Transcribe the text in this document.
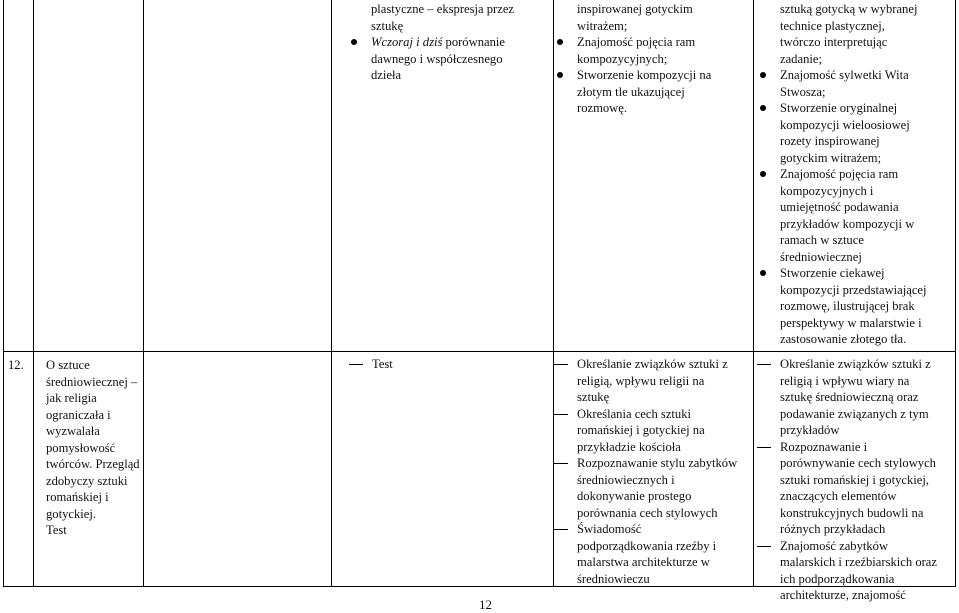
plastyczne – ekspresja przez
sztukę
Wczoraj i dziś porównanie
dawnego i współczesnego
dzieła
inspirowanej gotyckim
witrażem;
Znajomość pojęcia ram
kompozycyjnych;
Stworzenie kompozycji na
złotym tle ukazującej
rozmowę.
sztuką gotycką w wybranej
technice plastycznej,
twórczo interpretując
zadanie;
Znajomość sylwetki Wita
Stwosza;
Stworzenie oryginalnej
kompozycji wieloosiowej
rozety inspirowanej
gotyckim witrażem;
Znajomość pojęcia ram
kompozycyjnych i
umiejętność podawania
przykładów kompozycji w
ramach w sztuce
średniowiecznej
Stworzenie ciekawej
kompozycji przedstawiającej
rozmowę, ilustrującej brak
perspektywy w malarstwie i
zastosowanie złotego tła.
12.	O sztuce
średniowiecznej –
jak religia
ograniczała i
wyzwalała
pomysłowość
twórców. Przegląd
zdobyczy sztuki
romańskiej i
gotyckiej.
Test
Test	Określanie związków sztuki z
religią, wpływu religii na
sztukę
Określania cech sztuki
romańskiej i gotyckiej na
przykładzie kościoła
Rozpoznawanie stylu zabytków
średniowiecznych i
dokonywanie prostego
porównania cech stylowych
Świadomość
podporządkowania rzeźby i
malarstwa architekturze w
średniowieczu
Określanie związków sztuki z
religią i wpływu wiary na
sztukę średniowieczną oraz
podawanie związanych z tym
przykładów
Rozpoznawanie i
porównywanie cech stylowych
sztuki romańskiej i gotyckiej,
znaczących elementów
konstrukcyjnych budowli na
różnych przykładach
Znajomość zabytków
malarskich i rzeźbiarskich oraz
ich podporządkowania
architekturze, znajomość
12
